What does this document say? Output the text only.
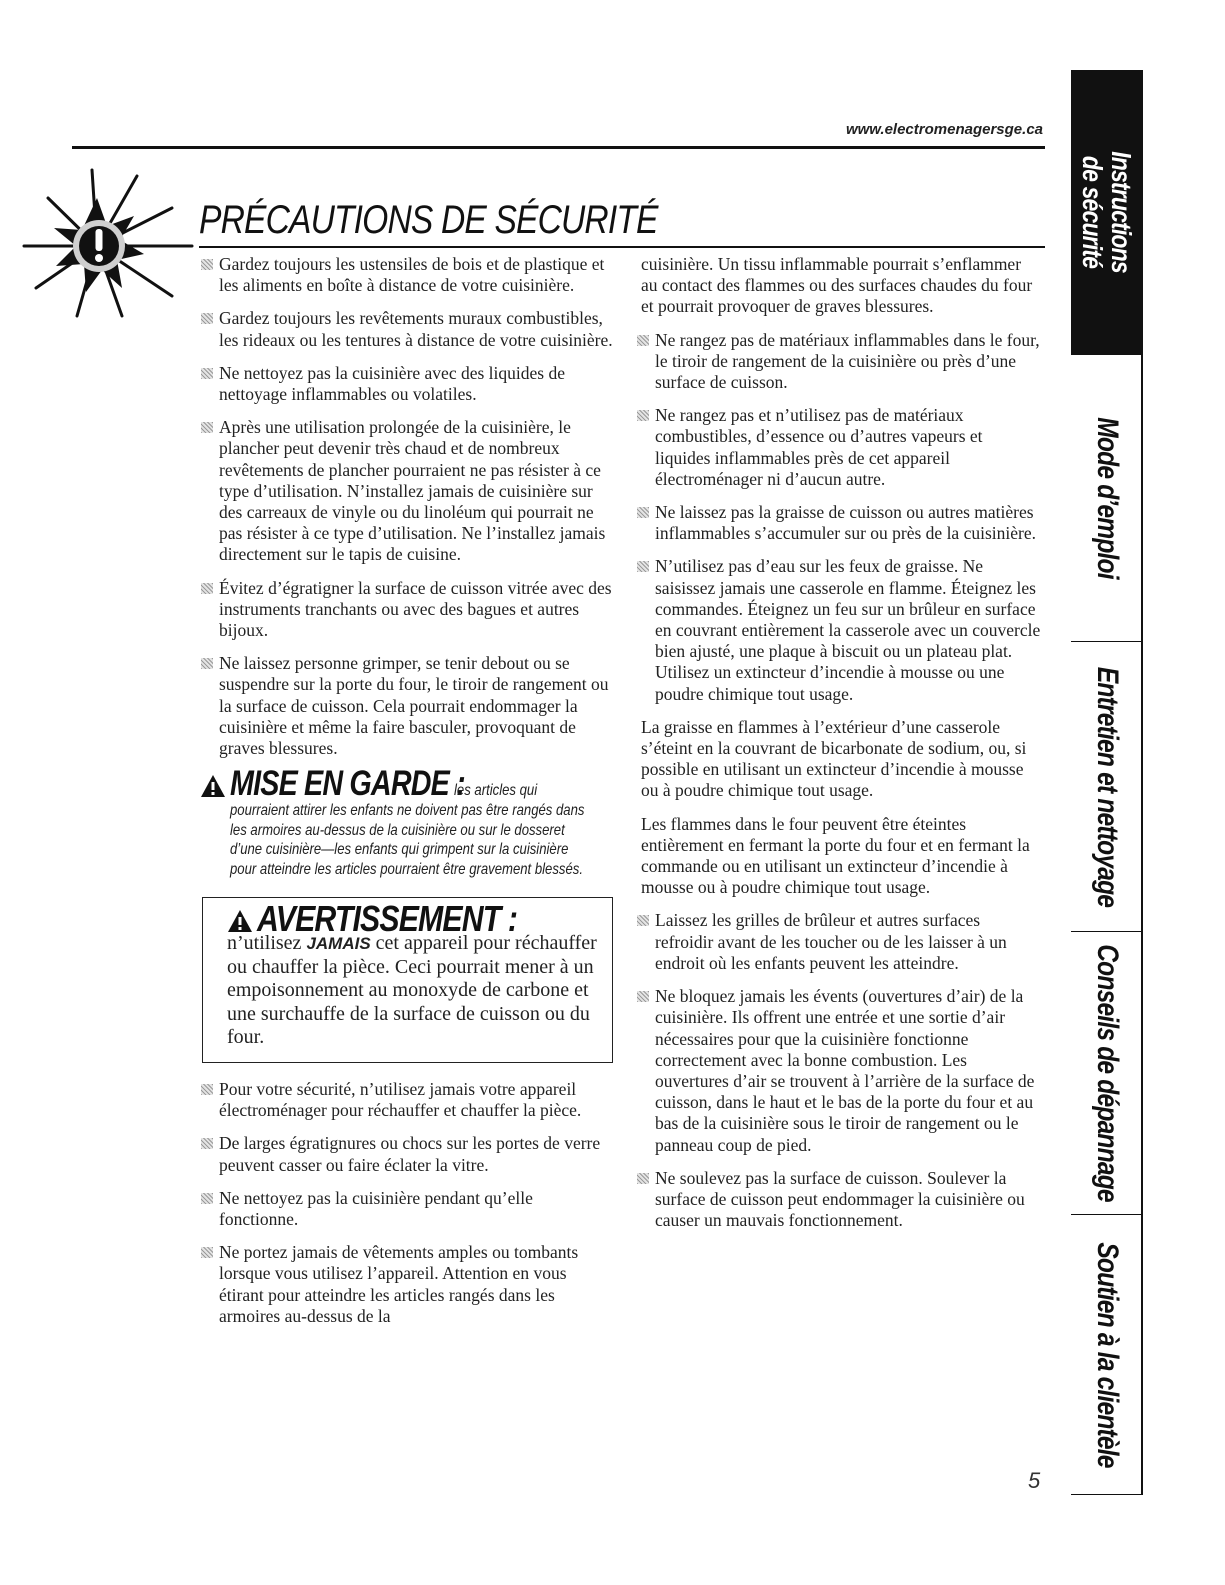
www.electromenagersge.ca
PRÉCAUTIONS DE SÉCURITÉ
Gardez toujours les ustensiles de bois et de plastique et les aliments en boîte à distance de votre cuisinière.
Gardez toujours les revêtements muraux combustibles, les rideaux ou les tentures à distance de votre cuisinière.
Ne nettoyez pas la cuisinière avec des liquides de nettoyage inflammables ou volatiles.
Après une utilisation prolongée de la cuisinière, le plancher peut devenir très chaud et de nombreux revêtements de plancher pourraient ne pas résister à ce type d’utilisation. N’installez jamais de cuisinière sur des carreaux de vinyle ou du linoléum qui pourrait ne pas résister à ce type d’utilisation. Ne l’installez jamais directement sur le tapis de cuisine.
Évitez d’égratigner la surface de cuisson vitrée avec des instruments tranchants ou avec des bagues et autres bijoux.
Ne laissez personne grimper, se tenir debout ou se suspendre sur la porte du four, le tiroir de rangement ou la surface de cuisson. Cela pourrait endommager la cuisinière et même la faire basculer, provoquant de graves blessures.
MISE EN GARDE :
les articles qui
pourraient attirer les enfants ne doivent pas être rangés dans les armoires au-dessus de la cuisinière ou sur le dosseret d’une cuisinière—les enfants qui grimpent sur la cuisinière pour atteindre les articles pourraient être gravement blessés.
AVERTISSEMENT :
n’utilisez JAMAIS cet appareil pour réchauffer ou chauffer la pièce. Ceci pourrait mener à un empoisonnement au monoxyde de carbone et une surchauffe de la surface de cuisson ou du four.
Pour votre sécurité, n’utilisez jamais votre appareil électroménager pour réchauffer et chauffer la pièce.
De larges égratignures ou chocs sur les portes de verre peuvent casser ou faire éclater la vitre.
Ne nettoyez pas la cuisinière pendant qu’elle fonctionne.
Ne portez jamais de vêtements amples ou tombants lorsque vous utilisez l’appareil. Attention en vous étirant pour atteindre les articles rangés dans les armoires au-dessus de la
cuisinière. Un tissu inflammable pourrait s’enflammer au contact des flammes ou des surfaces chaudes du four et pourrait provoquer de graves blessures.
Ne rangez pas de matériaux inflammables dans le four, le tiroir de rangement de la cuisinière ou près d’une surface de cuisson.
Ne rangez pas et n’utilisez pas de matériaux combustibles, d’essence ou d’autres vapeurs et liquides inflammables près de cet appareil électroménager ni d’aucun autre.
Ne laissez pas la graisse de cuisson ou autres matières inflammables s’accumuler sur ou près de la cuisinière.
N’utilisez pas d’eau sur les feux de graisse. Ne saisissez jamais une casserole en flamme. Éteignez les commandes. Éteignez un feu sur un brûleur en surface en couvrant entièrement la casserole avec un couvercle bien ajusté, une plaque à biscuit ou un plateau plat. Utilisez un extincteur d’incendie à mousse ou une poudre chimique tout usage.
La graisse en flammes à l’extérieur d’une casserole s’éteint en la couvrant de bicarbonate de sodium, ou, si possible en utilisant un extincteur d’incendie à mousse ou à poudre chimique tout usage.
Les flammes dans le four peuvent être éteintes entièrement en fermant la porte du four et en fermant la commande ou en utilisant un extincteur d’incendie à mousse ou à poudre chimique tout usage.
Laissez les grilles de brûleur et autres surfaces refroidir avant de les toucher ou de les laisser à un endroit où les enfants peuvent les atteindre.
Ne bloquez jamais les évents (ouvertures d’air) de la cuisinière. Ils offrent une entrée et une sortie d’air nécessaires pour que la cuisinière fonctionne correctement avec la bonne combustion. Les ouvertures d’air se trouvent à l’arrière de la surface de cuisson, dans le haut et le bas de la porte du four et au bas de la cuisinière sous le tiroir de rangement ou le panneau coup de pied.
Ne soulevez pas la surface de cuisson. Soulever la surface de cuisson peut endommager la cuisinière ou causer un mauvais fonctionnement.
5
Instructions
de sécurité
Mode d’emploi
Entretien et nettoyage
Conseils de dépannage
Soutien à la clientèle
